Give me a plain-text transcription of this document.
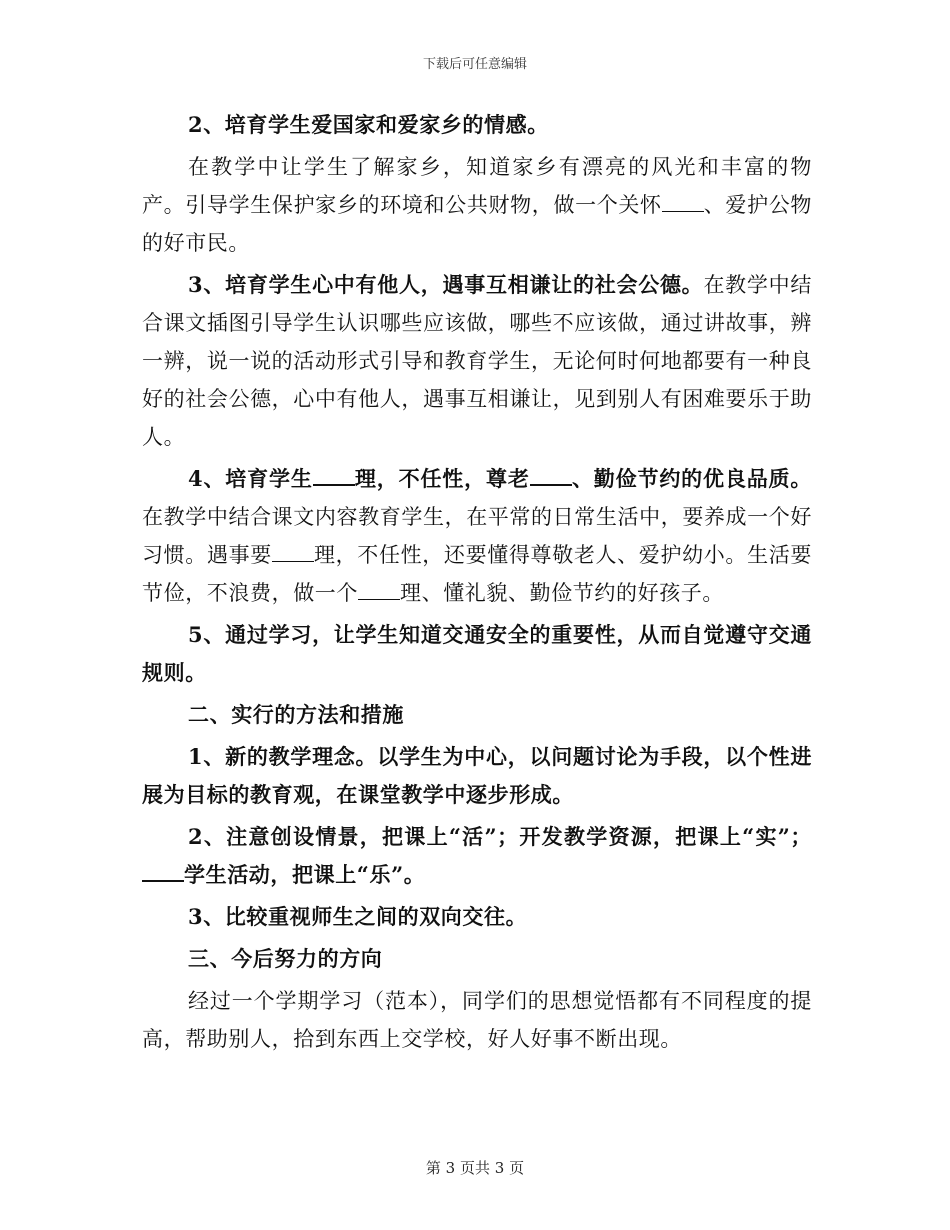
下载后可任意编辑

2、培育学生爱国家和爱家乡的情感。

在教学中让学生了解家乡，知道家乡有漂亮的风光和丰富的物产。引导学生保护家乡的环境和公共财物，做一个关怀 、爱护公物的好市民。

3、培育学生心中有他人，遇事互相谦让的社会公德。在教学中结合课文插图引导学生认识哪些应该做，哪些不应该做，通过讲故事，辨一辨，说一说的活动形式引导和教育学生，无论何时何地都要有一种良好的社会公德，心中有他人，遇事互相谦让，见到别人有困难要乐于助人。

4、培育学生 理，不任性，尊老 、勤俭节约的优良品质。在教学中结合课文内容教育学生，在平常的日常生活中，要养成一个好习惯。遇事要 理，不任性，还要懂得尊敬老人、爱护幼小。生活要节俭，不浪费，做一个 理、懂礼貌、勤俭节约的好孩子。

5、通过学习，让学生知道交通安全的重要性，从而自觉遵守交通规则。

二、实行的方法和措施

1、新的教学理念。以学生为中心，以问题讨论为手段，以个性进展为目标的教育观，在课堂教学中逐步形成。

2、注意创设情景，把课上“活”；开发教学资源，把课上“实”；学生活动，把课上“乐”。

3、比较重视师生之间的双向交往。

三、今后努力的方向

经过一个学期学习（范本），同学们的思想觉悟都有不同程度的提高，帮助别人，拾到东西上交学校，好人好事不断出现。

第 3 页共 3 页
